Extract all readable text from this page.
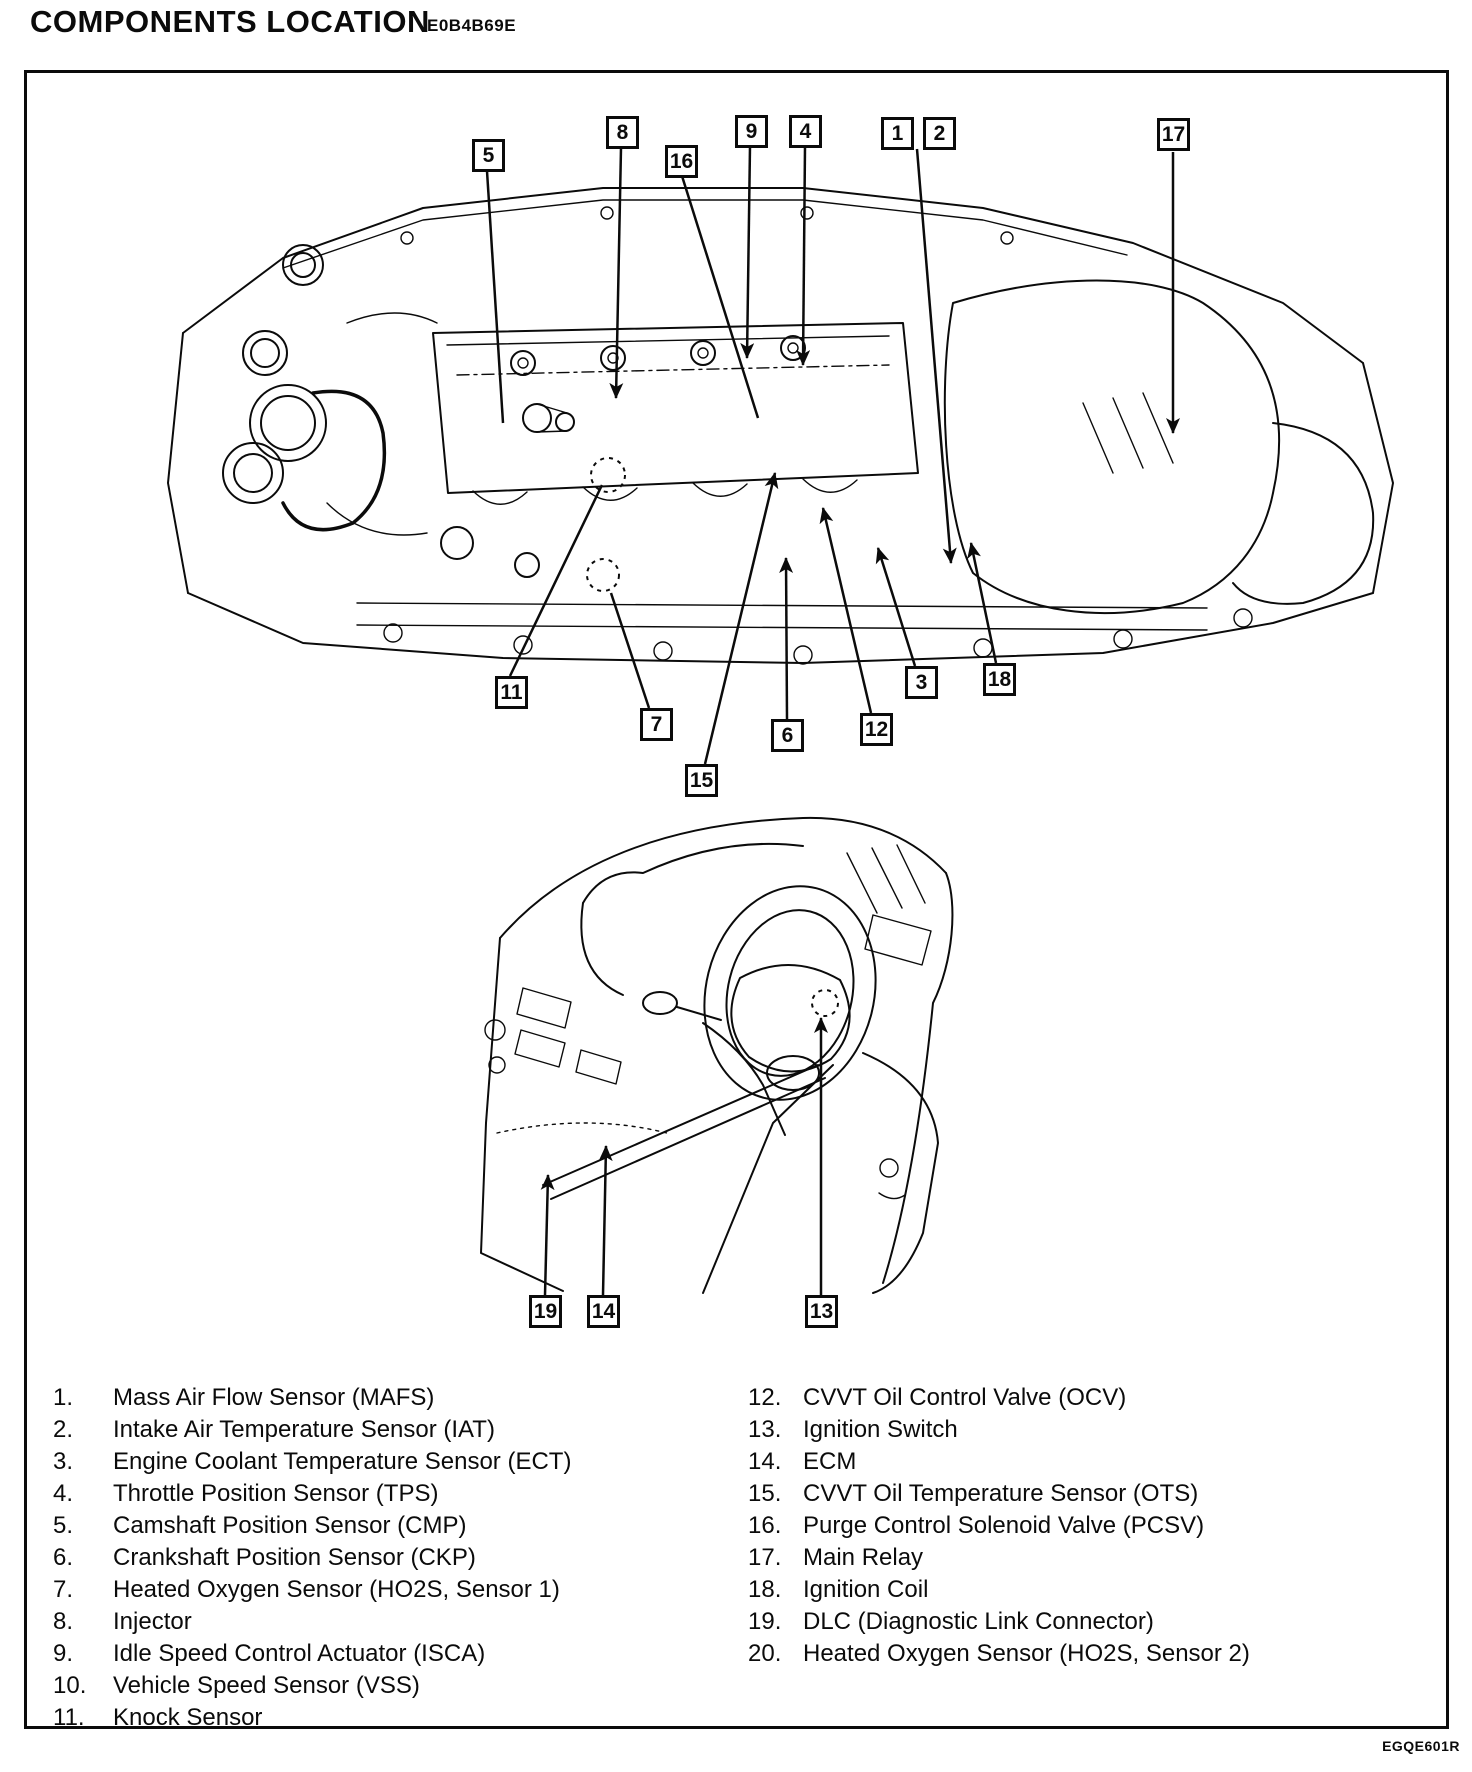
COMPONENTS LOCATION
E0B4B69E
5
8
16
9	4	1	2	17
11
7
15
6	12
3	18
19 14	13
1.	Mass Air Flow Sensor (MAFS)
2.	Intake Air Temperature Sensor (IAT)
3.	Engine Coolant Temperature Sensor (ECT)
4.	Throttle Position Sensor (TPS)
5.	Camshaft Position Sensor (CMP)
6.	Crankshaft Position Sensor (CKP)
7.	Heated Oxygen Sensor (HO2S, Sensor 1)
8.	Injector
9.	Idle Speed Control Actuator (ISCA)
10.	Vehicle Speed Sensor (VSS)
11.	Knock Sensor
12. CVVT Oil Control Valve (OCV)
13. Ignition Switch
14. ECM
15. CVVT Oil Temperature Sensor (OTS)
16. Purge Control Solenoid Valve (PCSV)
17. Main Relay
18. Ignition Coil
19. DLC (Diagnostic Link Connector)
20. Heated Oxygen Sensor (HO2S, Sensor 2)
EGQE601R
